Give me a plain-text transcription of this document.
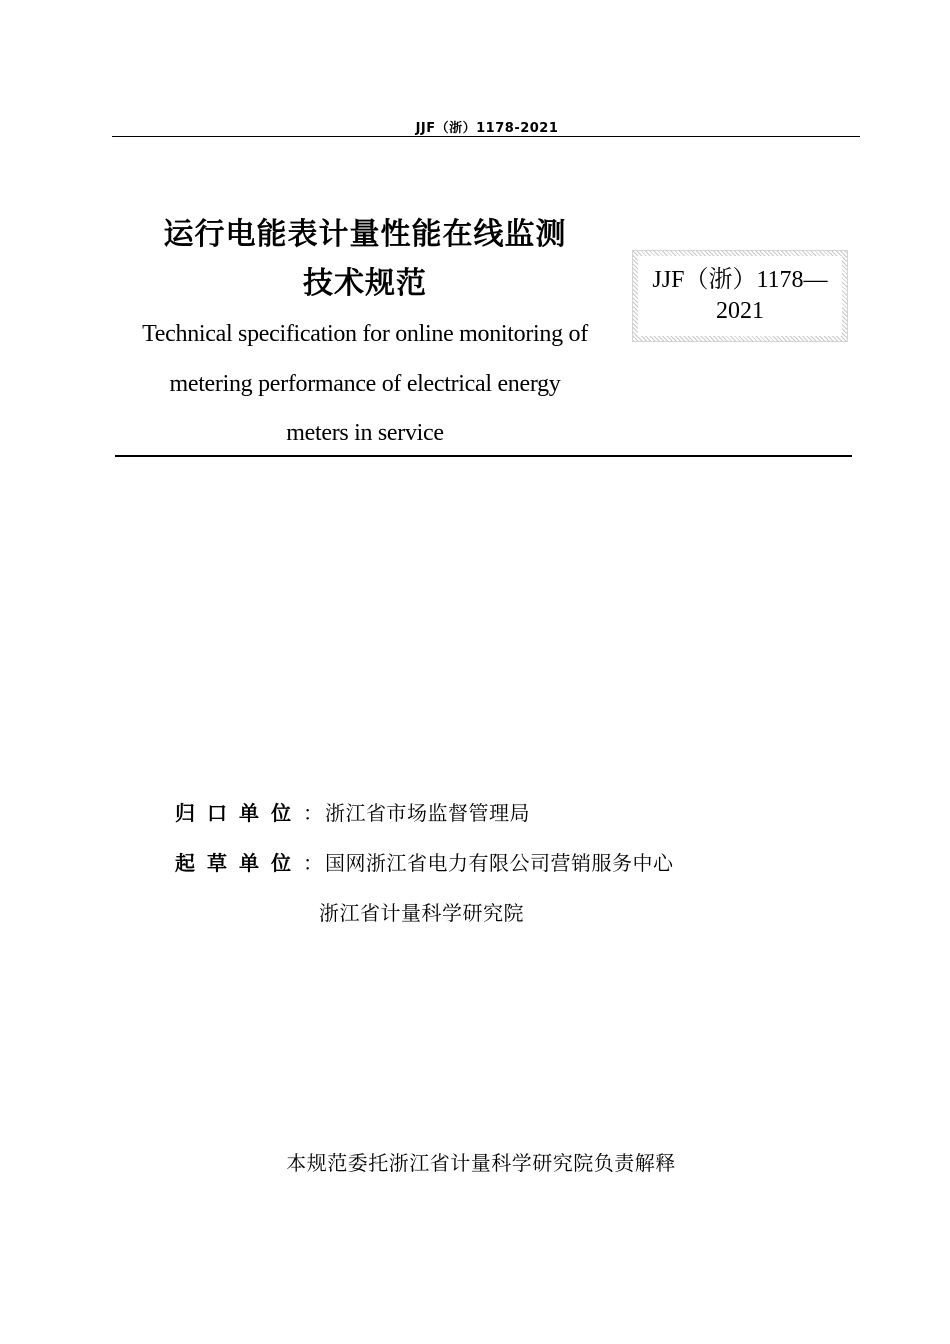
JJF（浙）1178-2021
运行电能表计量性能在线监测
技术规范	JJF（浙）1178—
2021
Technical specification for online monitoring of
metering performance of electrical energy
meters in service
归口单位 ： 浙江省市场监督管理局
起草单位 ： 国网浙江省电力有限公司营销服务中心
浙江省计量科学研究院
本规范委托浙江省计量科学研究院负责解释
